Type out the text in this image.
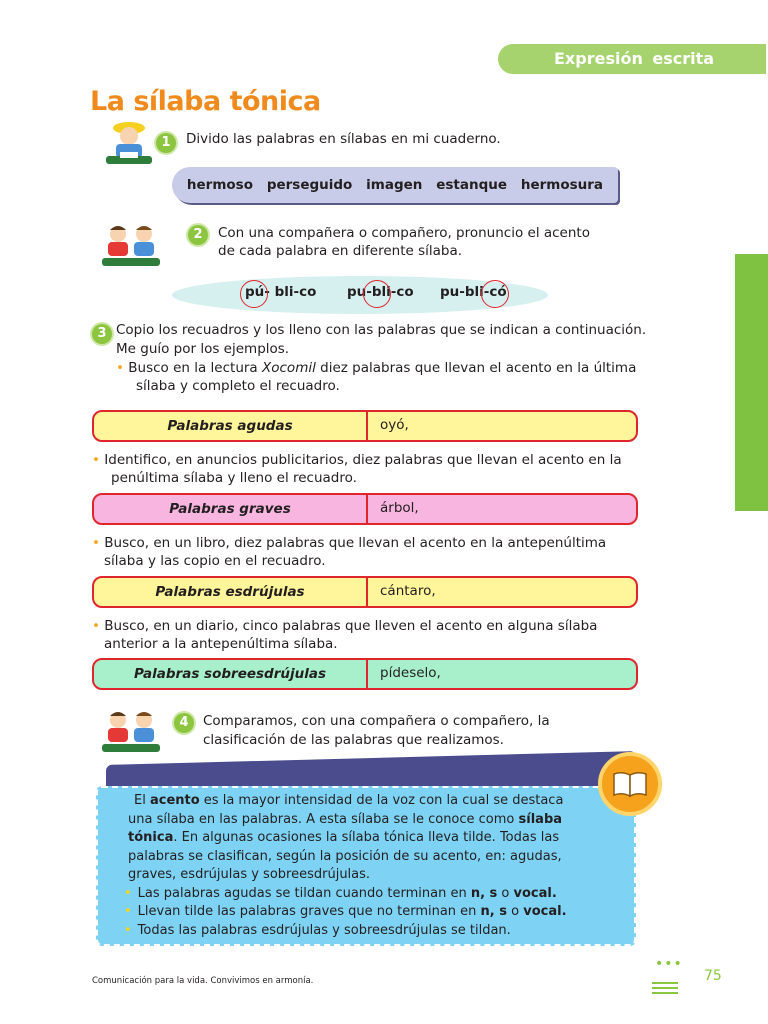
Expresión escrita
La sílaba tónica
1	Divido las palabras en sílabas en mi cuaderno.
hermoso perseguido imagen estanque hermosura
2	Con una compañera o compañero, pronuncio el acento
de cada palabra en diferente sílaba.
pú- bli-co pu-bli-co pu-bli-có
3 Copio los recuadros y los lleno con las palabras que se indican a continuación.
Me guío por los ejemplos.
• Busco en la lectura Xocomil diez palabras que llevan el acento en la última
sílaba y completo el recuadro.
Palabras agudas	oyó,
• Identifico, en anuncios publicitarios, diez palabras que llevan el acento en la
penúltima sílaba y lleno el recuadro.
Palabras graves	árbol,
• Busco, en un libro, diez palabras que llevan el acento en la antepenúltima
sílaba y las copio en el recuadro.
Palabras esdrújulas	cántaro,
• Busco, en un diario, cinco palabras que lleven el acento en alguna sílaba
anterior a la antepenúltima sílaba.
Palabras sobreesdrújulas	pídeselo,
4	Comparamos, con una compañera o compañero, la
clasificación de las palabras que realizamos.
El acento es la mayor intensidad de la voz con la cual se destaca
una sílaba en las palabras. A esta sílaba se le conoce como sílaba
tónica. En algunas ocasiones la sílaba tónica lleva tilde. Todas las
palabras se clasifican, según la posición de su acento, en: agudas,
graves, esdrújulas y sobreesdrújulas.
• Las palabras agudas se tildan cuando terminan en n, s o vocal.
• Llevan tilde las palabras graves que no terminan en n, s o vocal.
• Todas las palabras esdrújulas y sobreesdrújulas se tildan.
Comunicación para la vida. Convivimos en armonía.
•••
75
